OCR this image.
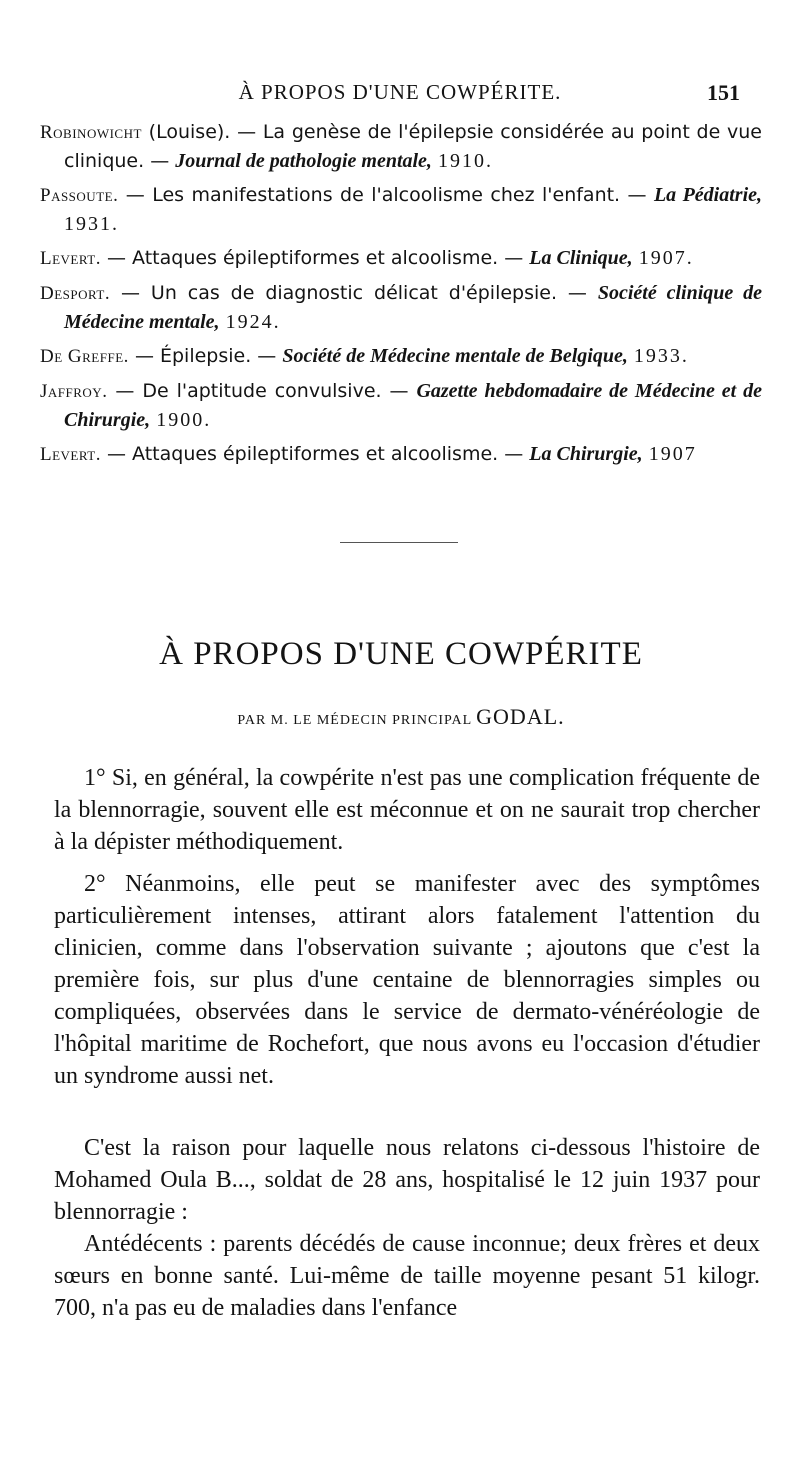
À PROPOS D'UNE COWPÉRITE.	151

Robinowicht (Louise). — La genèse de l'épilepsie considérée au point de vue clinique. — Journal de pathologie mentale, 1910.

Passoute. — Les manifestations de l'alcoolisme chez l'enfant. — La Pédiatrie, 1931.

Levert. — Attaques épileptiformes et alcoolisme. — La Clinique, 1907.

Desport. — Un cas de diagnostic délicat d'épilepsie. — Société clinique de Médecine mentale, 1924.

De Greffe. — Épilepsie. — Société de Médecine mentale de Belgique, 1933.

Jaffroy. — De l'aptitude convulsive. — Gazette hebdomadaire de Médecine et de Chirurgie, 1900.

Levert. — Attaques épileptiformes et alcoolisme. — La Chirurgie, 1907

À PROPOS D'UNE COWPÉRITE
PAR M. LE MÉDECIN PRINCIPAL GODAL.

1° Si, en général, la cowpérite n'est pas une complication fréquente de la blennorragie, souvent elle est méconnue et on ne saurait trop chercher à la dépister méthodiquement.

2° Néanmoins, elle peut se manifester avec des symptômes particulièrement intenses, attirant alors fatalement l'attention du clinicien, comme dans l'observation suivante ; ajoutons que c'est la première fois, sur plus d'une centaine de blennorragies simples ou compliquées, observées dans le service de dermato-vénéréologie de l'hôpital maritime de Rochefort, que nous avons eu l'occasion d'étudier un syndrome aussi net.

C'est la raison pour laquelle nous relatons ci-dessous l'histoire de Mohamed Oula B..., soldat de 28 ans, hospitalisé le 12 juin 1937 pour blennorragie :

Antédécents : parents décédés de cause inconnue; deux frères et deux sœurs en bonne santé. Lui-même de taille moyenne pesant 51 kilogr. 700, n'a pas eu de maladies dans l'enfance
